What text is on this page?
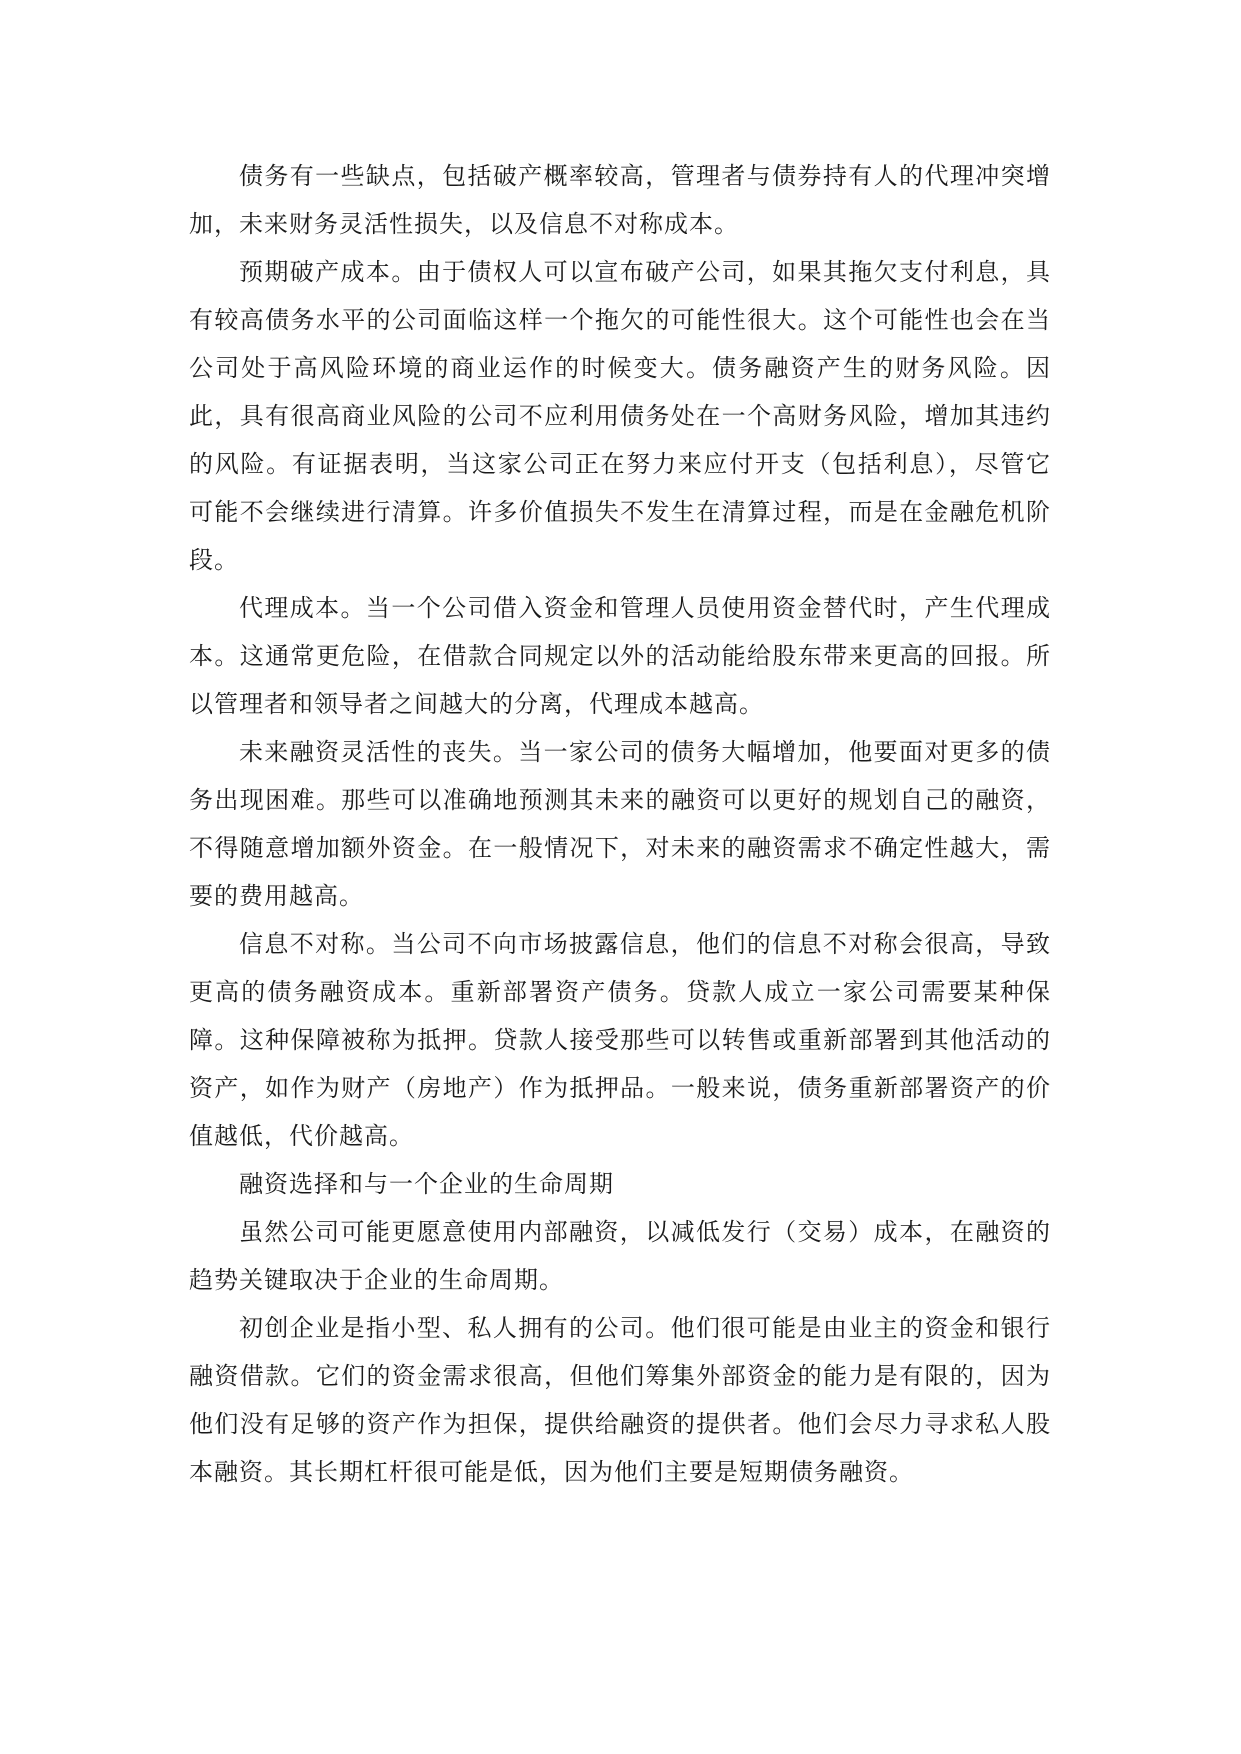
债务有一些缺点，包括破产概率较高，管理者与债券持有人的代理冲突增加，未来财务灵活性损失，以及信息不对称成本。

预期破产成本。由于债权人可以宣布破产公司，如果其拖欠支付利息，具有较高债务水平的公司面临这样一个拖欠的可能性很大。这个可能性也会在当公司处于高风险环境的商业运作的时候变大。债务融资产生的财务风险。因此，具有很高商业风险的公司不应利用债务处在一个高财务风险，增加其违约的风险。有证据表明，当这家公司正在努力来应付开支（包括利息），尽管它可能不会继续进行清算。许多价值损失不发生在清算过程，而是在金融危机阶段。

代理成本。当一个公司借入资金和管理人员使用资金替代时，产生代理成本。这通常更危险，在借款合同规定以外的活动能给股东带来更高的回报。所以管理者和领导者之间越大的分离，代理成本越高。

未来融资灵活性的丧失。当一家公司的债务大幅增加，他要面对更多的债务出现困难。那些可以准确地预测其未来的融资可以更好的规划自己的融资，不得随意增加额外资金。在一般情况下，对未来的融资需求不确定性越大，需要的费用越高。

信息不对称。当公司不向市场披露信息，他们的信息不对称会很高，导致更高的债务融资成本。重新部署资产债务。贷款人成立一家公司需要某种保障。这种保障被称为抵押。贷款人接受那些可以转售或重新部署到其他活动的资产，如作为财产（房地产）作为抵押品。一般来说，债务重新部署资产的价值越低，代价越高。

融资选择和与一个企业的生命周期

虽然公司可能更愿意使用内部融资，以减低发行（交易）成本，在融资的趋势关键取决于企业的生命周期。

初创企业是指小型、私人拥有的公司。他们很可能是由业主的资金和银行融资借款。它们的资金需求很高，但他们筹集外部资金的能力是有限的，因为他们没有足够的资产作为担保，提供给融资的提供者。他们会尽力寻求私人股本融资。其长期杠杆很可能是低，因为他们主要是短期债务融资。
